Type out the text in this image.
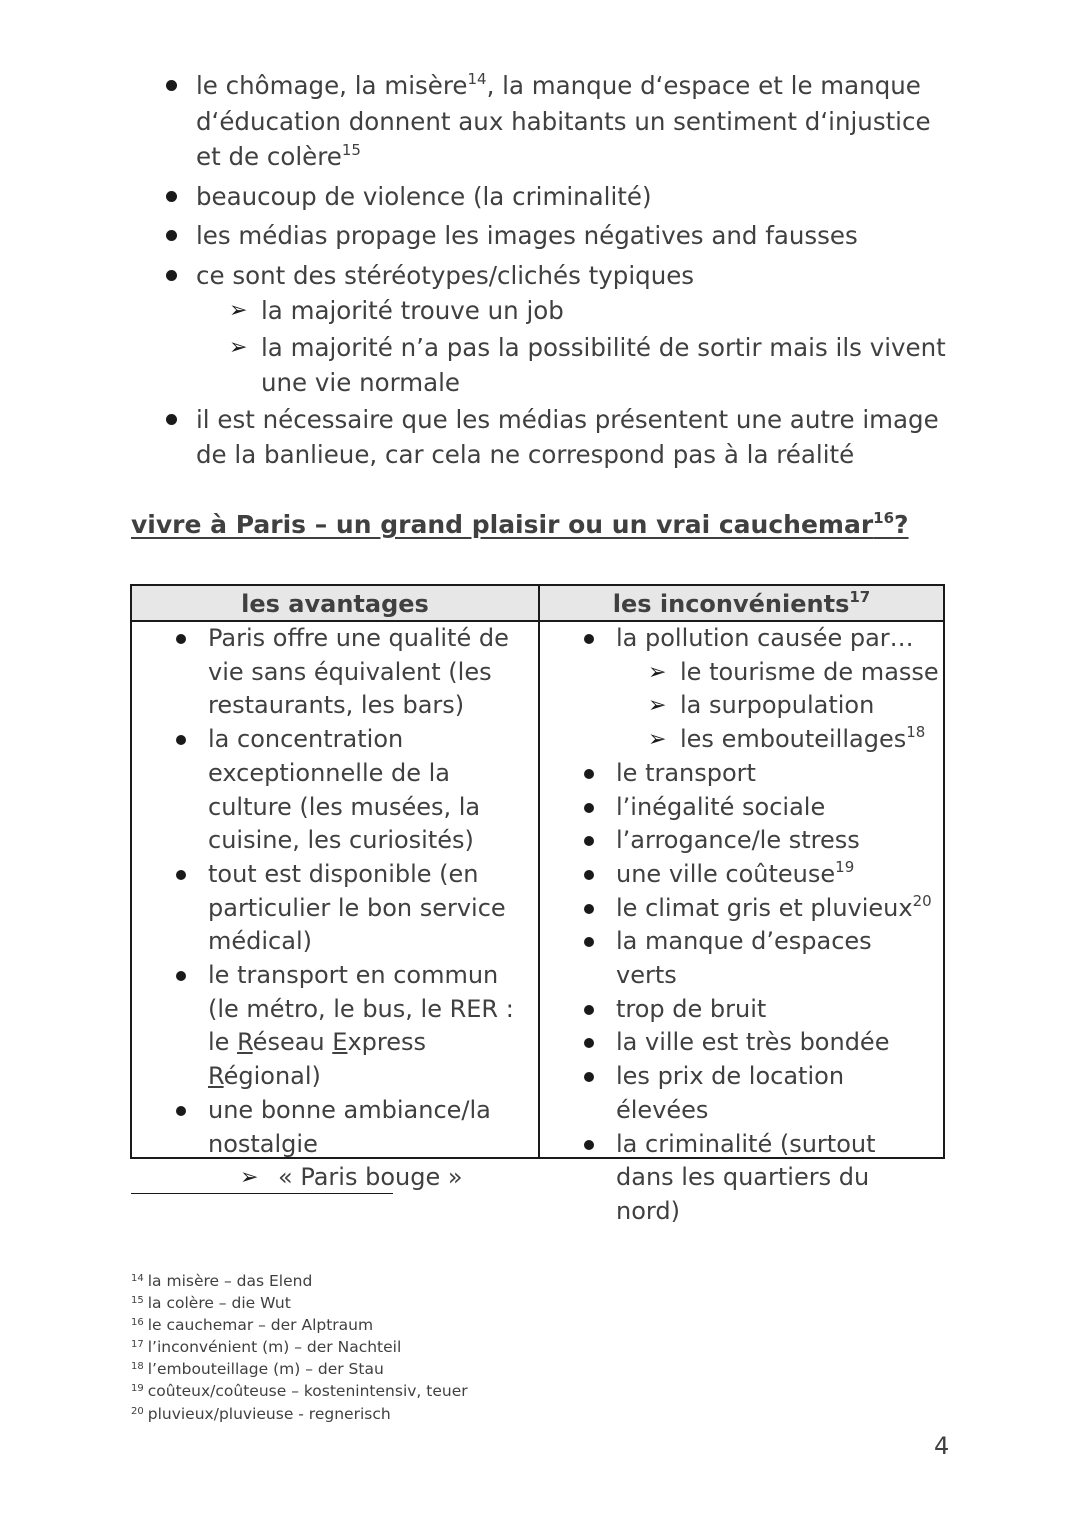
le chômage, la misère$^{14}$, la manque d‘espace et le manque d‘éducation donnent aux habitants un sentiment d‘injustice et de colère$^{15}$
beaucoup de violence (la criminalité)
les médias propage les images négatives and fausses
ce sont des stéréotypes/clichés typiques
➢ la majorité trouve un job
➢ la majorité n’a pas la possibilité de sortir mais ils vivent une vie normale
il est nécessaire que les médias présentent une autre image de la banlieue, car cela ne correspond pas à la réalité
vivre à Paris – un grand plaisir ou un vrai cauchemar$^{16}$?
les avantages	les inconvénients$^{17}$
Paris offre une qualité de vie sans équivalent (les restaurants, les bars)
la concentration exceptionnelle de la culture (les musées, la cuisine, les curiosités)
tout est disponible (en particulier le bon service médical)
le transport en commun (le métro, le bus, le RER : le Réseau Express Régional)
une bonne ambiance/la nostalgie
➢ « Paris bouge »
la pollution causée par…
➢ le tourisme de masse
➢ la surpopulation
➢ les embouteillages$^{18}$
le transport
l’inégalité sociale
l’arrogance/le stress
une ville coûteuse$^{19}$
le climat gris et pluvieux$^{20}$
la manque d’espaces verts
trop de bruit
la ville est très bondée
les prix de location élevées
la criminalité (surtout dans les quartiers du nord)
$^{14}$ la misère – das Elend
$^{15}$ la colère – die Wut
$^{16}$ le cauchemar – der Alptraum
$^{17}$ l’inconvénient (m) – der Nachteil
$^{18}$ l’embouteillage (m) – der Stau
$^{19}$ coûteux/coûteuse – kostenintensiv, teuer
$^{20}$ pluvieux/pluvieuse - regnerisch
4
